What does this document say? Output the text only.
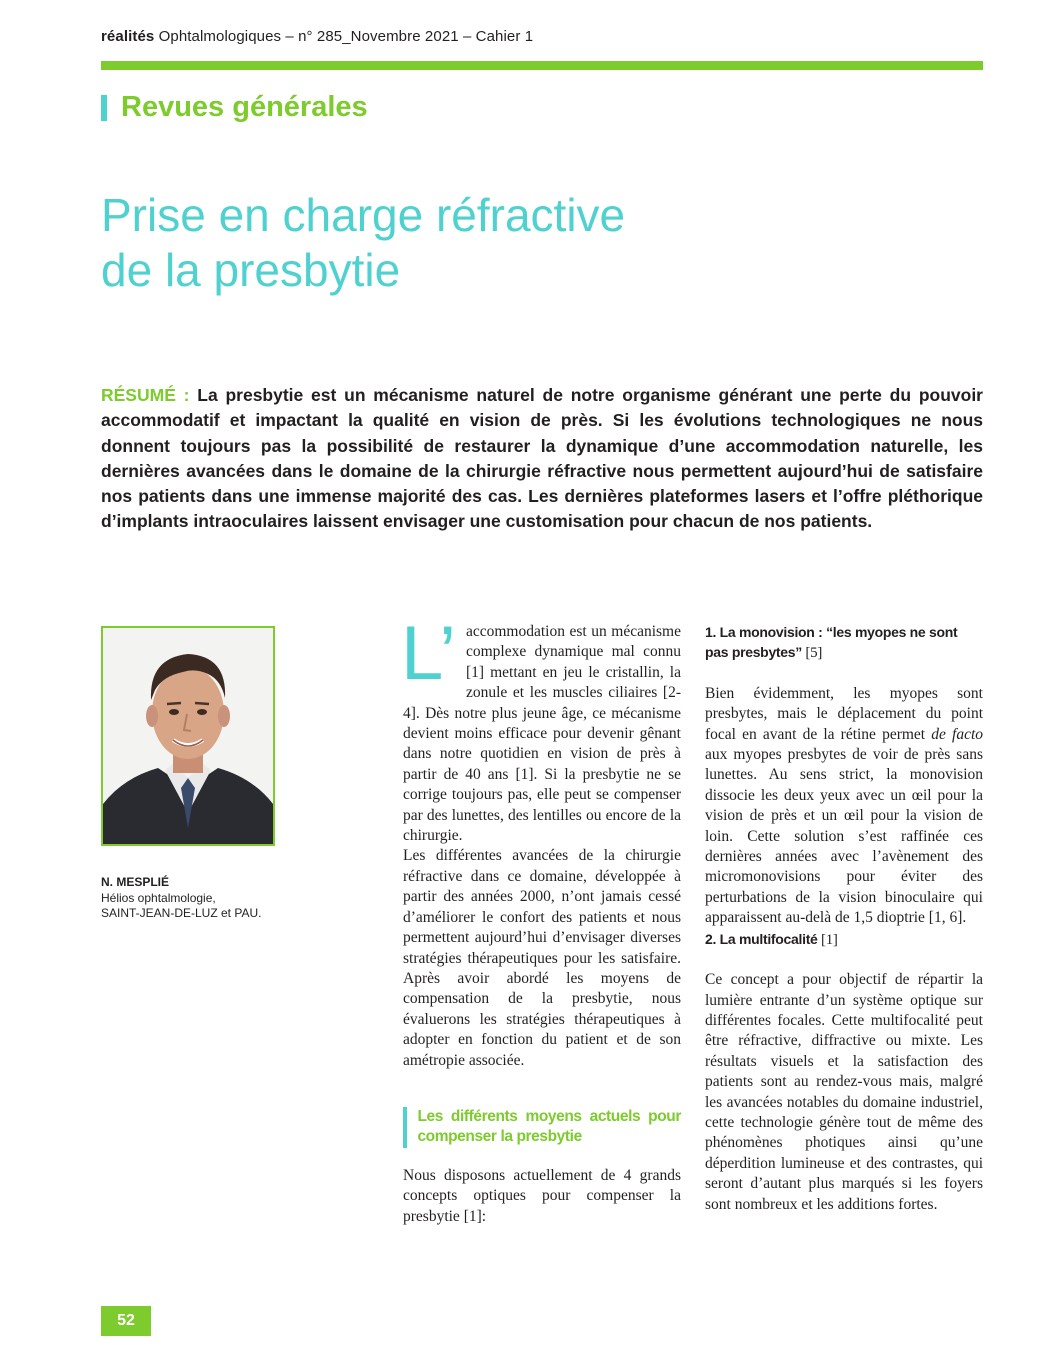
réalités Ophtalmologiques – n° 285_Novembre 2021 – Cahier 1
Revues générales
Prise en charge réfractive
de la presbytie
RÉSUMÉ : La presbytie est un mécanisme naturel de notre organisme générant une perte du pouvoir accommodatif et impactant la qualité en vision de près. Si les évolutions technologiques ne nous donnent toujours pas la possibilité de restaurer la dynamique d’une accommodation naturelle, les dernières avancées dans le domaine de la chirurgie réfractive nous permettent aujourd’hui de satisfaire nos patients dans une immense majorité des cas. Les dernières plateformes lasers et l’offre pléthorique d’implants intraoculaires laissent envisager une customisation pour chacun de nos patients.
N. MESPLIÉ
Hélios ophtalmologie,
SAINT-JEAN-DE-LUZ et PAU.

L’ accommodation est un mécanisme complexe dynamique mal connu [1] mettant en jeu le cristallin, la zonule et les muscles ciliaires [2-4]. Dès notre plus jeune âge, ce mécanisme devient moins efficace pour devenir gênant dans notre quotidien en vision de près à partir de 40 ans [1]. Si la presbytie ne se corrige toujours pas, elle peut se compenser par des lunettes, des lentilles ou encore de la chirurgie.

Les différentes avancées de la chirurgie réfractive dans ce domaine, développée à partir des années 2000, n’ont jamais cessé d’améliorer le confort des patients et nous permettent aujourd’hui d’envisager diverses stratégies thérapeutiques pour les satisfaire. Après avoir abordé les moyens de compensation de la presbytie, nous évaluerons les stratégies thérapeutiques à adopter en fonction du patient et de son amétropie associée.

Les différents moyens actuels pour compenser la presbytie

Nous disposons actuellement de 4 grands concepts optiques pour compenser la presbytie [1]:

1. La monovision : “les myopes ne sont pas presbytes” [5]

Bien évidemment, les myopes sont presbytes, mais le déplacement du point focal en avant de la rétine permet de facto aux myopes presbytes de voir de près sans lunettes. Au sens strict, la monovision dissocie les deux yeux avec un œil pour la vision de près et un œil pour la vision de loin. Cette solution s’est raffinée ces dernières années avec l’avènement des micromonovisions pour éviter des perturbations de la vision binoculaire qui apparaissent au-delà de 1,5 dioptrie [1, 6].

2. La multifocalité [1]

Ce concept a pour objectif de répartir la lumière entrante d’un système optique sur différentes focales. Cette multifocalité peut être réfractive, diffractive ou mixte. Les résultats visuels et la satisfaction des patients sont au rendez-vous mais, malgré les avancées notables du domaine industriel, cette technologie génère tout de même des phénomènes photiques ainsi qu’une déperdition lumineuse et des contrastes, qui seront d’autant plus marqués si les foyers sont nombreux et les additions fortes.

52
